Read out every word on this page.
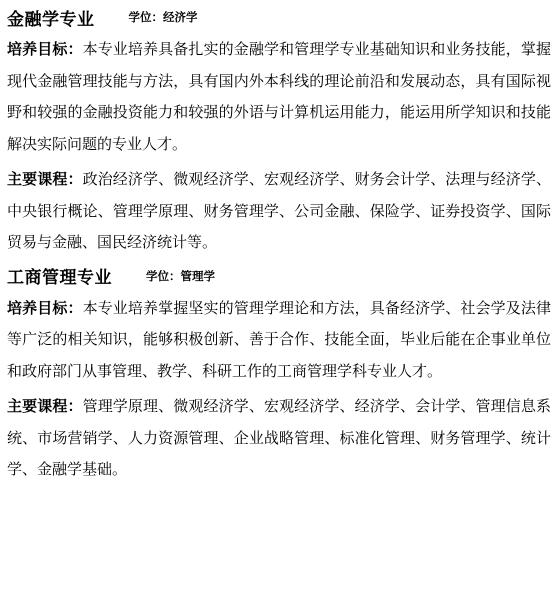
金融学专业	学位：经济学
培养目标：本专业培养具备扎实的金融学和管理学专业基础知识和业务技能，掌握现代金融管理技能与方法，具有国内外本科线的理论前沿和发展动态，具有国际视野和较强的金融投资能力和较强的外语与计算机运用能力，能运用所学知识和技能解决实际问题的专业人才。
主要课程：政治经济学、微观经济学、宏观经济学、财务会计学、法理与经济学、中央银行概论、管理学原理、财务管理学、公司金融、保险学、证券投资学、国际贸易与金融、国民经济统计等。
工商管理专业	学位：管理学
培养目标：本专业培养掌握坚实的管理学理论和方法，具备经济学、社会学及法律等广泛的相关知识，能够积极创新、善于合作、技能全面，毕业后能在企事业单位和政府部门从事管理、教学、科研工作的工商管理学科专业人才。
主要课程：管理学原理、微观经济学、宏观经济学、经济学、会计学、管理信息系统、市场营销学、人力资源管理、企业战略管理、标准化管理、财务管理学、统计学、金融学基础。
